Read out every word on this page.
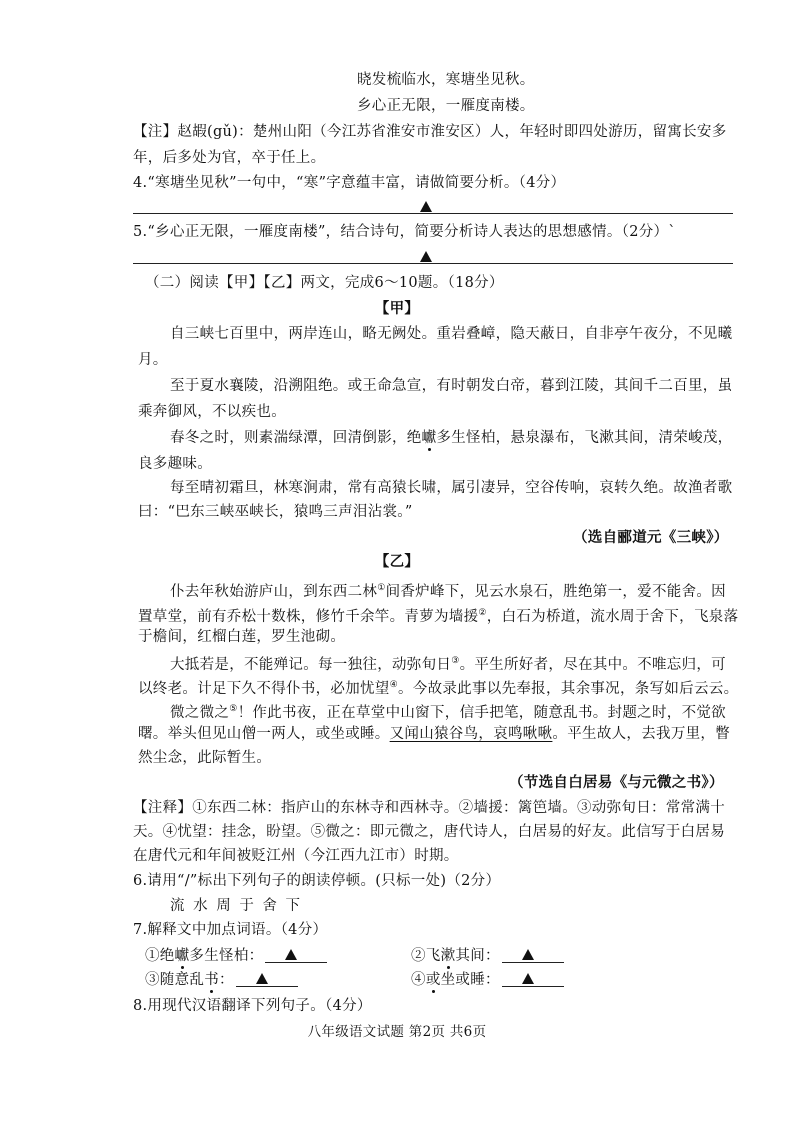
晓发梳临水，寒塘坐见秋。
乡心正无限，一雁度南楼。
【注】赵嘏(gǔ)：楚州山阳（今江苏省淮安市淮安区）人，年轻时即四处游历，留寓长安多
年，后多处为官，卒于任上。
4.“寒塘坐见秋”一句中，“寒”字意蕴丰富，请做简要分析。（4分）
5.“乡心正无限，一雁度南楼”，结合诗句，简要分析诗人表达的思想感情。（2分）`
（二）阅读【甲】【乙】两文，完成6～10题。（18分）
【甲】
自三峡七百里中，两岸连山，略无阙处。重岩叠嶂，隐天蔽日，自非亭午夜分，不见曦
月。
至于夏水襄陵，沿溯阻绝。或王命急宣，有时朝发白帝，暮到江陵，其间千二百里，虽
乘奔御风，不以疾也。
春冬之时，则素湍绿潭，回清倒影，绝巘多生怪柏，悬泉瀑布，飞漱其间，清荣峻茂，
良多趣味。
每至晴初霜旦，林寒涧肃，常有高猿长啸，属引凄异，空谷传响，哀转久绝。故渔者歌
曰：“巴东三峡巫峡长，猿鸣三声泪沾裳。”
（选自郦道元《三峡》）
【乙】
仆去年秋始游庐山，到东西二林①间香炉峰下，见云水泉石，胜绝第一，爱不能舍。因
置草堂，前有乔松十数株，修竹千余竿。青萝为墙援②，白石为桥道，流水周于舍下，飞泉落
于檐间，红榴白莲，罗生池砌。
大抵若是，不能殚记。每一独往，动弥旬日③。平生所好者，尽在其中。不唯忘归，可
以终老。计足下久不得仆书，必加忧望④。今故录此事以先奉报，其余事况，条写如后云云。
微之微之⑤！作此书夜，正在草堂中山窗下，信手把笔，随意乱书。封题之时，不觉欲
曙。举头但见山僧一两人，或坐或睡。又闻山猿谷鸟，哀鸣啾啾。平生故人，去我万里，瞥
然尘念，此际暂生。
（节选自白居易《与元微之书》）
【注释】①东西二林：指庐山的东林寺和西林寺。②墙援：篱笆墙。③动弥旬日：常常满十
天。④忧望：挂念，盼望。⑤微之：即元微之，唐代诗人，白居易的好友。此信写于白居易
在唐代元和年间被贬江州（今江西九江市）时期。
6.请用“/”标出下列句子的朗读停顿。(只标一处)（2分）
流 水 周 于 舍 下
7.解释文中加点词语。（4分）
①绝巘多生怪柏：	②飞漱其间：
③随意乱书：	④或坐或睡：
8.用现代汉语翻译下列句子。（4分）
八年级语文试题 第2页 共6页
